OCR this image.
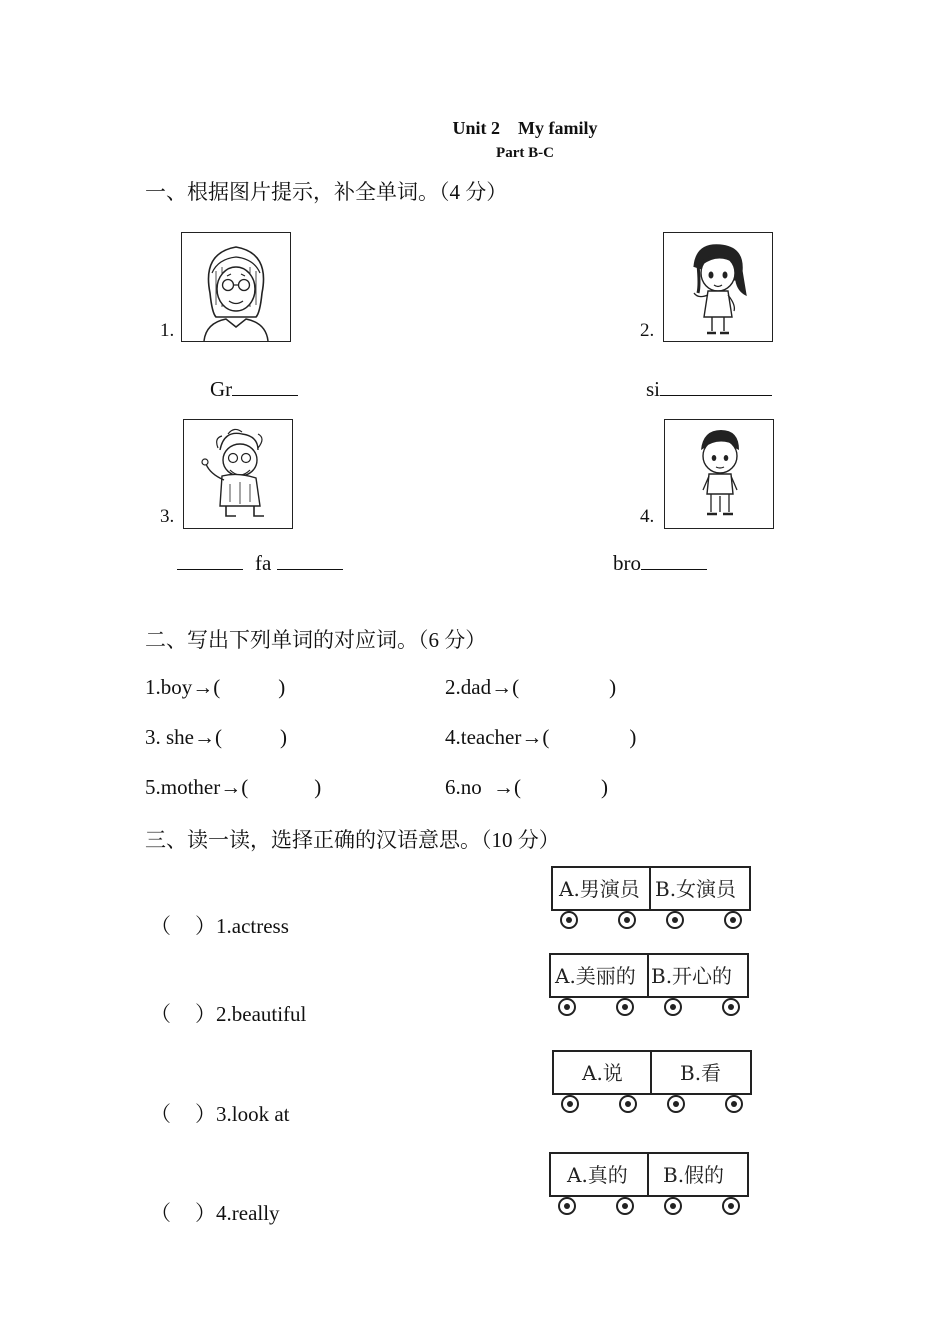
Unit 2    My family
Part B-C
一、根据图片提示，补全单词。（4 分）
1.	2.
Gr	si
3.	4.
fa	bro
二、写出下列单词的对应词。（6 分）
1.boy→(	)	2.dad→(	)
3. she→(	)	4.teacher→(	)
5.mother→(	)	6.no →(	)
三、读一读，选择正确的汉语意思。（10 分）
（ ）1.actress
（ ）2.beautiful
（ ）3.look at
（ ）4.really
A.男演员 B.女演员
A.美丽的 B.开心的
A.说	B.看
A.真的 B.假的
